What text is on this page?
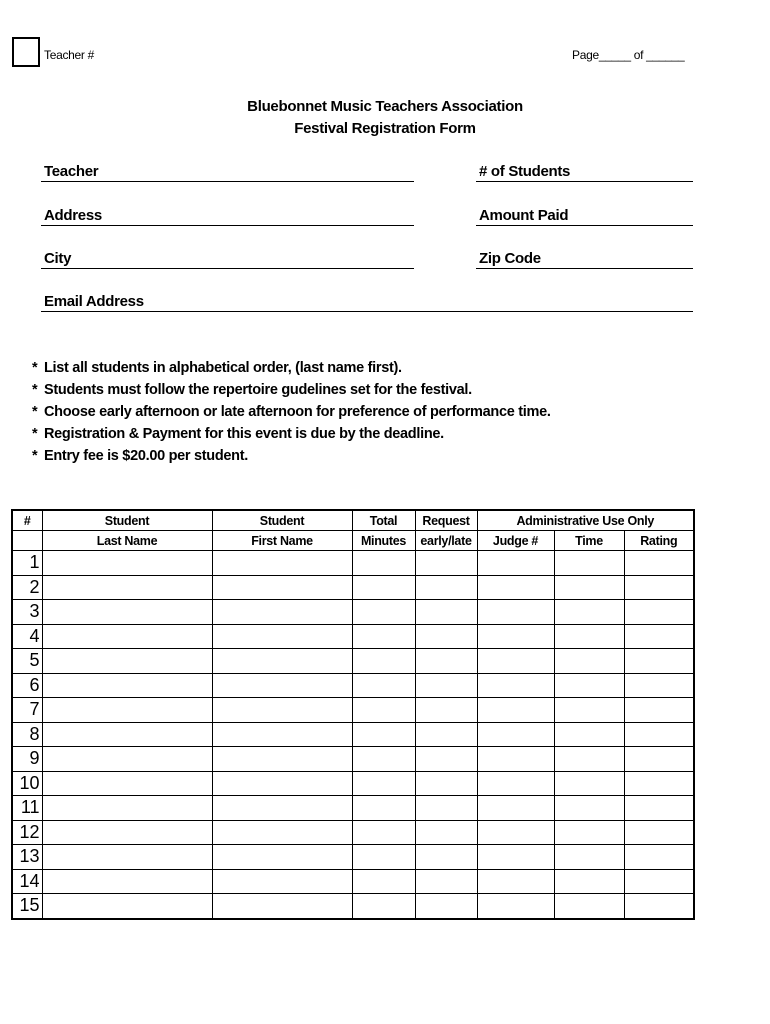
Teacher #	Page_____ of ______
Bluebonnet Music Teachers Association
Festival Registration Form
Teacher	# of Students
Address	Amount Paid
City	Zip Code
Email Address
* List all students in alphabetical order, (last name first).
* Students must follow the repertoire gudelines set for the festival.
* Choose early afternoon or late afternoon for preference of performance time.
* Registration & Payment for this event is due by the deadline.
* Entry fee is $20.00 per student.
#	Student	Student	Total	Request	Administrative Use Only		
	Last Name	First Name	Minutes	early/late	Judge #	Time	Rating
1							
2							
3							
4							
5							
6							
7							
8							
9							
10							
11							
12							
13							
14							
15							
